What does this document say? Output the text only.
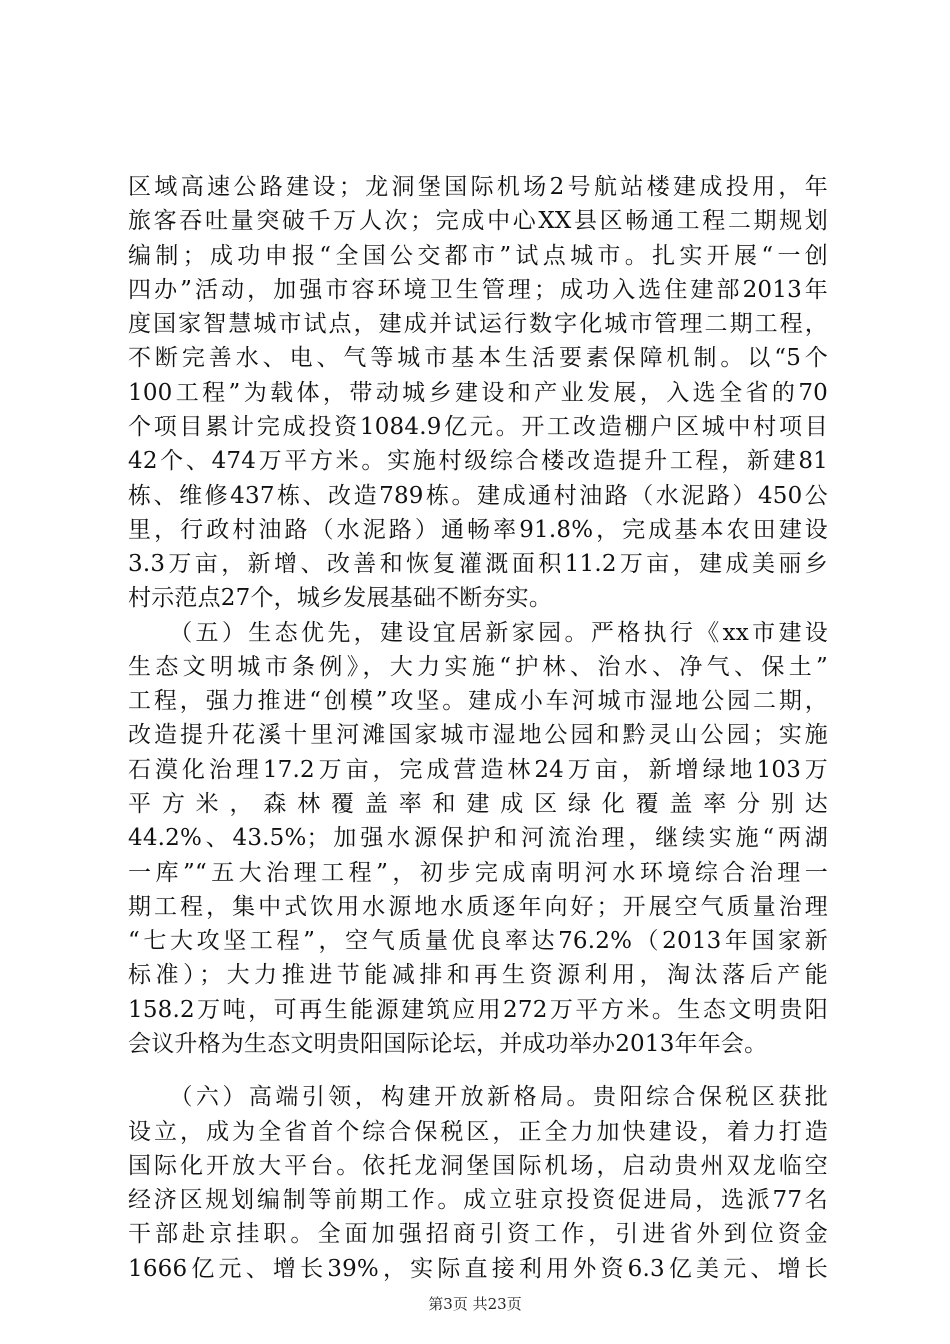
区域高速公路建设；龙洞堡国际机场2号航站楼建成投用，年
旅客吞吐量突破千万人次；完成中心XX县区畅通工程二期规划
编制；成功申报“全国公交都市”试点城市。扎实开展“一创
四办”活动，加强市容环境卫生管理；成功入选住建部2013年
度国家智慧城市试点，建成并试运行数字化城市管理二期工程，
不断完善水、电、气等城市基本生活要素保障机制。以“5个
100工程”为载体，带动城乡建设和产业发展，入选全省的70
个项目累计完成投资1084.9亿元。开工改造棚户区城中村项目
42个、474万平方米。实施村级综合楼改造提升工程，新建81
栋、维修437栋、改造789栋。建成通村油路（水泥路）450公
里，行政村油路（水泥路）通畅率91.8%，完成基本农田建设
3.3万亩，新增、改善和恢复灌溉面积11.2万亩，建成美丽乡
村示范点27个，城乡发展基础不断夯实。
　　（五）生态优先，建设宜居新家园。严格执行《xx市建设
生态文明城市条例》，大力实施“护林、治水、净气、保土”
工程，强力推进“创模”攻坚。建成小车河城市湿地公园二期，
改造提升花溪十里河滩国家城市湿地公园和黔灵山公园；实施
石漠化治理17.2万亩，完成营造林24万亩，新增绿地103万
平方米，森林覆盖率和建成区绿化覆盖率分别达
44.2%、43.5%；加强水源保护和河流治理，继续实施“两湖
一库”“五大治理工程”，初步完成南明河水环境综合治理一
期工程，集中式饮用水源地水质逐年向好；开展空气质量治理
“七大攻坚工程”，空气质量优良率达76.2%（2013年国家新
标准）；大力推进节能减排和再生资源利用，淘汰落后产能
158.2万吨，可再生能源建筑应用272万平方米。生态文明贵阳
会议升格为生态文明贵阳国际论坛，并成功举办2013年年会。
　　（六）高端引领，构建开放新格局。贵阳综合保税区获批
设立，成为全省首个综合保税区，正全力加快建设，着力打造
国际化开放大平台。依托龙洞堡国际机场，启动贵州双龙临空
经济区规划编制等前期工作。成立驻京投资促进局，选派77名
干部赴京挂职。全面加强招商引资工作，引进省外到位资金
1666亿元、增长39%，实际直接利用外资6.3亿美元、增长
第3页 共23页
